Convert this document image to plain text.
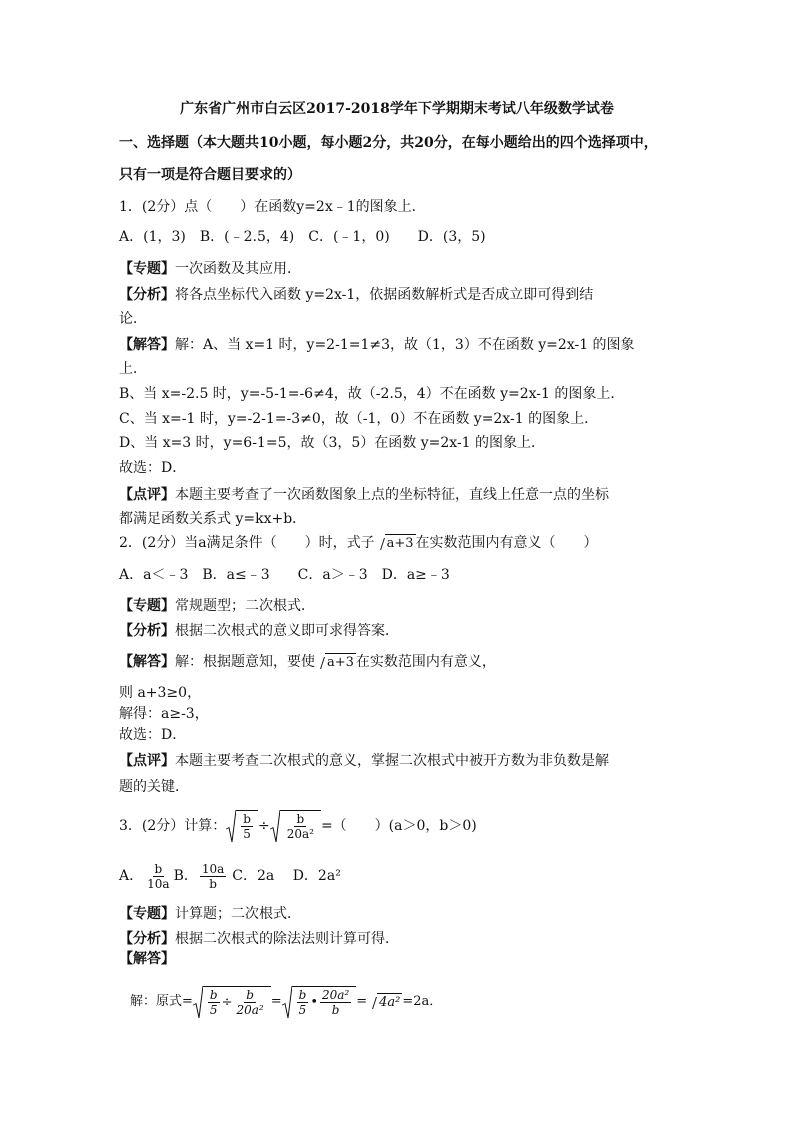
广东省广州市白云区2017-2018学年下学期期末考试八年级数学试卷
一、选择题（本大题共10小题，每小题2分，共20分，在每小题给出的四个选择项中，
只有一项是符合题目要求的）
1．(2分）点（　　）在函数y=2x﹣1的图象上．
A．(1，3)　B．(﹣2.5，4)　C．(﹣1，0)　　D．(3，5)
【专题】一次函数及其应用．
【分析】将各点坐标代入函数 y=2x-1，依据函数解析式是否成立即可得到结
论．
【解答】解：A、当 x=1 时，y=2-1=1≠3，故（1，3）不在函数 y=2x-1 的图象
上．
B、当 x=-2.5 时，y=-5-1=-6≠4，故（-2.5，4）不在函数 y=2x-1 的图象上．
C、当 x=-1 时，y=-2-1=-3≠0，故（-1，0）不在函数 y=2x-1 的图象上．
D、当 x=3 时，y=6-1=5，故（3，5）在函数 y=2x-1 的图象上．
故选：D．
【点评】本题主要考查了一次函数图象上点的坐标特征，直线上任意一点的坐标
都满足函数关系式 y=kx+b．
2．(2分）当a满足条件（　　）时，式子 a+3 在实数范围内有意义（　　）
A．a＜﹣3　B．a≤﹣3　　C．a＞﹣3　D．a≥﹣3
【专题】常规题型；二次根式．
【分析】根据二次根式的意义即可求得答案．
【解答】解：根据题意知，要使 a+3 在实数范围内有意义，
则 a+3≥0，
解得：a≥-3，
故选：D．
【点评】本题主要考查二次根式的意义，掌握二次根式中被开方数为非负数是解
题的关键．
3．(2分）计算： $\frac{b}{5} \div \frac{b}{\text{20a²}}$ =（　　）(a＞0，b＞0)
A． $\frac{b}{10a}$ B． $\frac{10a}{b}$ C．2a　 D．2a²
【专题】计算题；二次根式．
【分析】根据二次根式的除法法则计算可得．
【解答】
解：原式= $\frac{b}{5} \div \frac{b}{\text{20a²}} = \frac{b}{5}$ • $\frac{\text{20a²}}{b} = 4a^2 =2a$．
